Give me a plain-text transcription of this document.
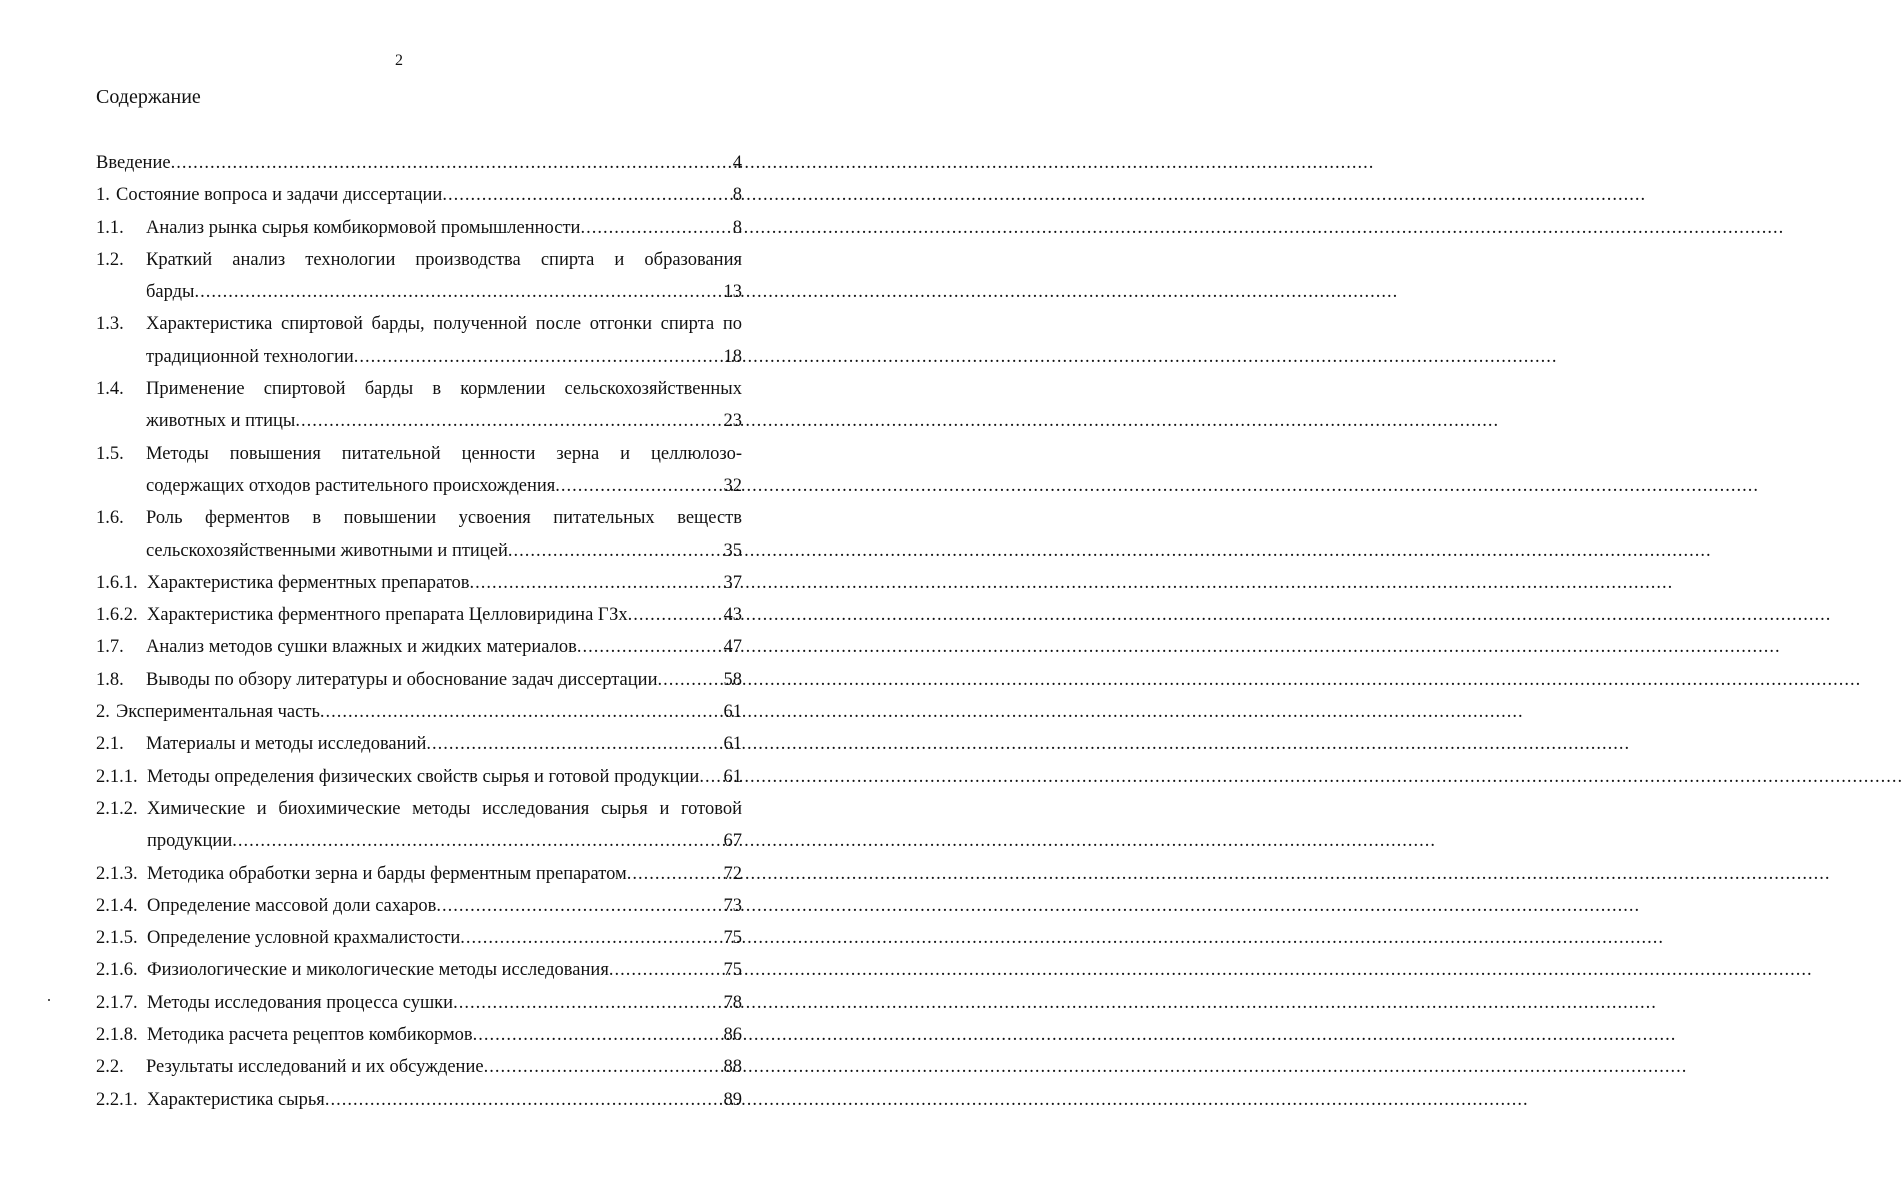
2
Содержание
Введение .....	4
1. Состояние вопроса и задачи диссертации .....	8
1.1.	Анализ рынка сырья комбикормовой промышленности .....	8
1.2.	Краткий анализ технологии производства спирта и образования
барды .....	13
1.3.	Характеристика спиртовой барды, полученной после отгонки спирта по
традиционной технологии .....	18
1.4.	Применение спиртовой барды в кормлении сельскохозяйственных
животных и птицы .....	23
1.5.	Методы повышения питательной ценности зерна и целлюлозо-
содержащих отходов растительного происхождения .....	32
1.6.	Роль ферментов в повышении усвоения питательных веществ
сельскохозяйственными животными и птицей .....	35
1.6.1. Характеристика ферментных препаратов .....	37
1.6.2. Характеристика ферментного препарата Целловиридина ГЗх .....	43
1.7.	Анализ методов сушки влажных и жидких материалов .....	47
1.8.	Выводы по обзору литературы и обоснование задач диссертации .....	58
2. Экспериментальная часть .....	61
2.1.	Материалы и методы исследований .....	61
2.1.1. Методы определения физических свойств сырья и готовой продукции ..... 61
2.1.2. Химические и биохимические методы исследования сырья и готовой
продукции .....	67
2.1.3. Методика обработки зерна и барды ферментным препаратом .....	72
2.1.4. Определение массовой доли сахаров .....	73
2.1.5. Определение условной крахмалистости .....	75
2.1.6. Физиологические и микологические методы исследования .....	75
2.1.7. Методы исследования процесса сушки .....	78
2.1.8. Методика расчета рецептов комбикормов .....	86
2.2.	Результаты исследований и их обсуждение .....	88
2.2.1. Характеристика сырья .....	89
